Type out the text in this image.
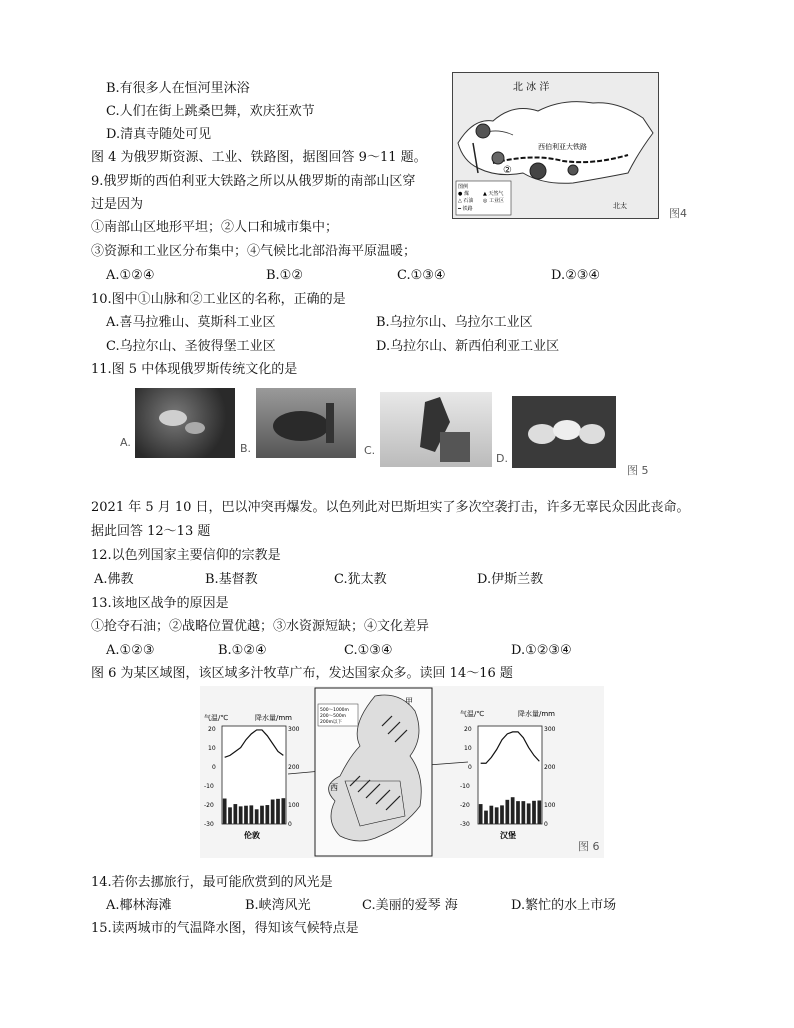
B.有很多人在恒河里沐浴
C.人们在街上跳桑巴舞，欢庆狂欢节
D.清真寺随处可见
图 4 为俄罗斯资源、工业、铁路图，据图回答 9～11 题。
9.俄罗斯的西伯利亚大铁路之所以从俄罗斯的南部山区穿
过是因为
①南部山区地形平坦；②人口和城市集中；
③资源和工业区分布集中；④气候比北部沿海平原温暖；
A.①②④	B.①②	C.①③④	D.②③④
10.图中①山脉和②工业区的名称，正确的是
A.喜马拉雅山、莫斯科工业区	B.乌拉尔山、乌拉尔工业区
C.乌拉尔山、圣彼得堡工业区	D.乌拉尔山、新西伯利亚工业区
11.图 5 中体现俄罗斯传统文化的是
北 冰 洋
西伯利亚大铁路
②
北太
图例
● 煤
△ 石油
▲ 天然气
◎ 工业区
━ 铁路	图4
A.	B.	C.
D.
图 5
2021 年 5 月 10 日，巴以冲突再爆发。以色列此对巴斯坦实了多次空袭打击，许多无辜民众因此丧命。
据此回答 12～13 题
12.以色列国家主要信仰的宗教是
A.佛教	B.基督教	C.犹太教	D.伊斯兰教
13.该地区战争的原因是
①抢夺石油；②战略位置优越；③水资源短缺；④文化差异
A.①②③	B.①②④	C.①③④	D.①②③④
图 6 为某区域图，该区域多汁牧草广布，发达国家众多。读回 14～16 题
500～1000m
200～500m
200m以下
甲
西
气温/℃	降水量/mm
20
10
0
-10
-20
-30
300
200
100
0
伦敦
气温/℃	降水量/mm
20
10
0
-10
-20
-30
300
200
100
0
汉堡
图 6
14.若你去挪旅行，最可能欣赏到的风光是
A.椰林海滩	B.峡湾风光	C.美丽的爱琴 海	D.繁忙的水上市场
15.读两城市的气温降水图，得知该气候特点是
